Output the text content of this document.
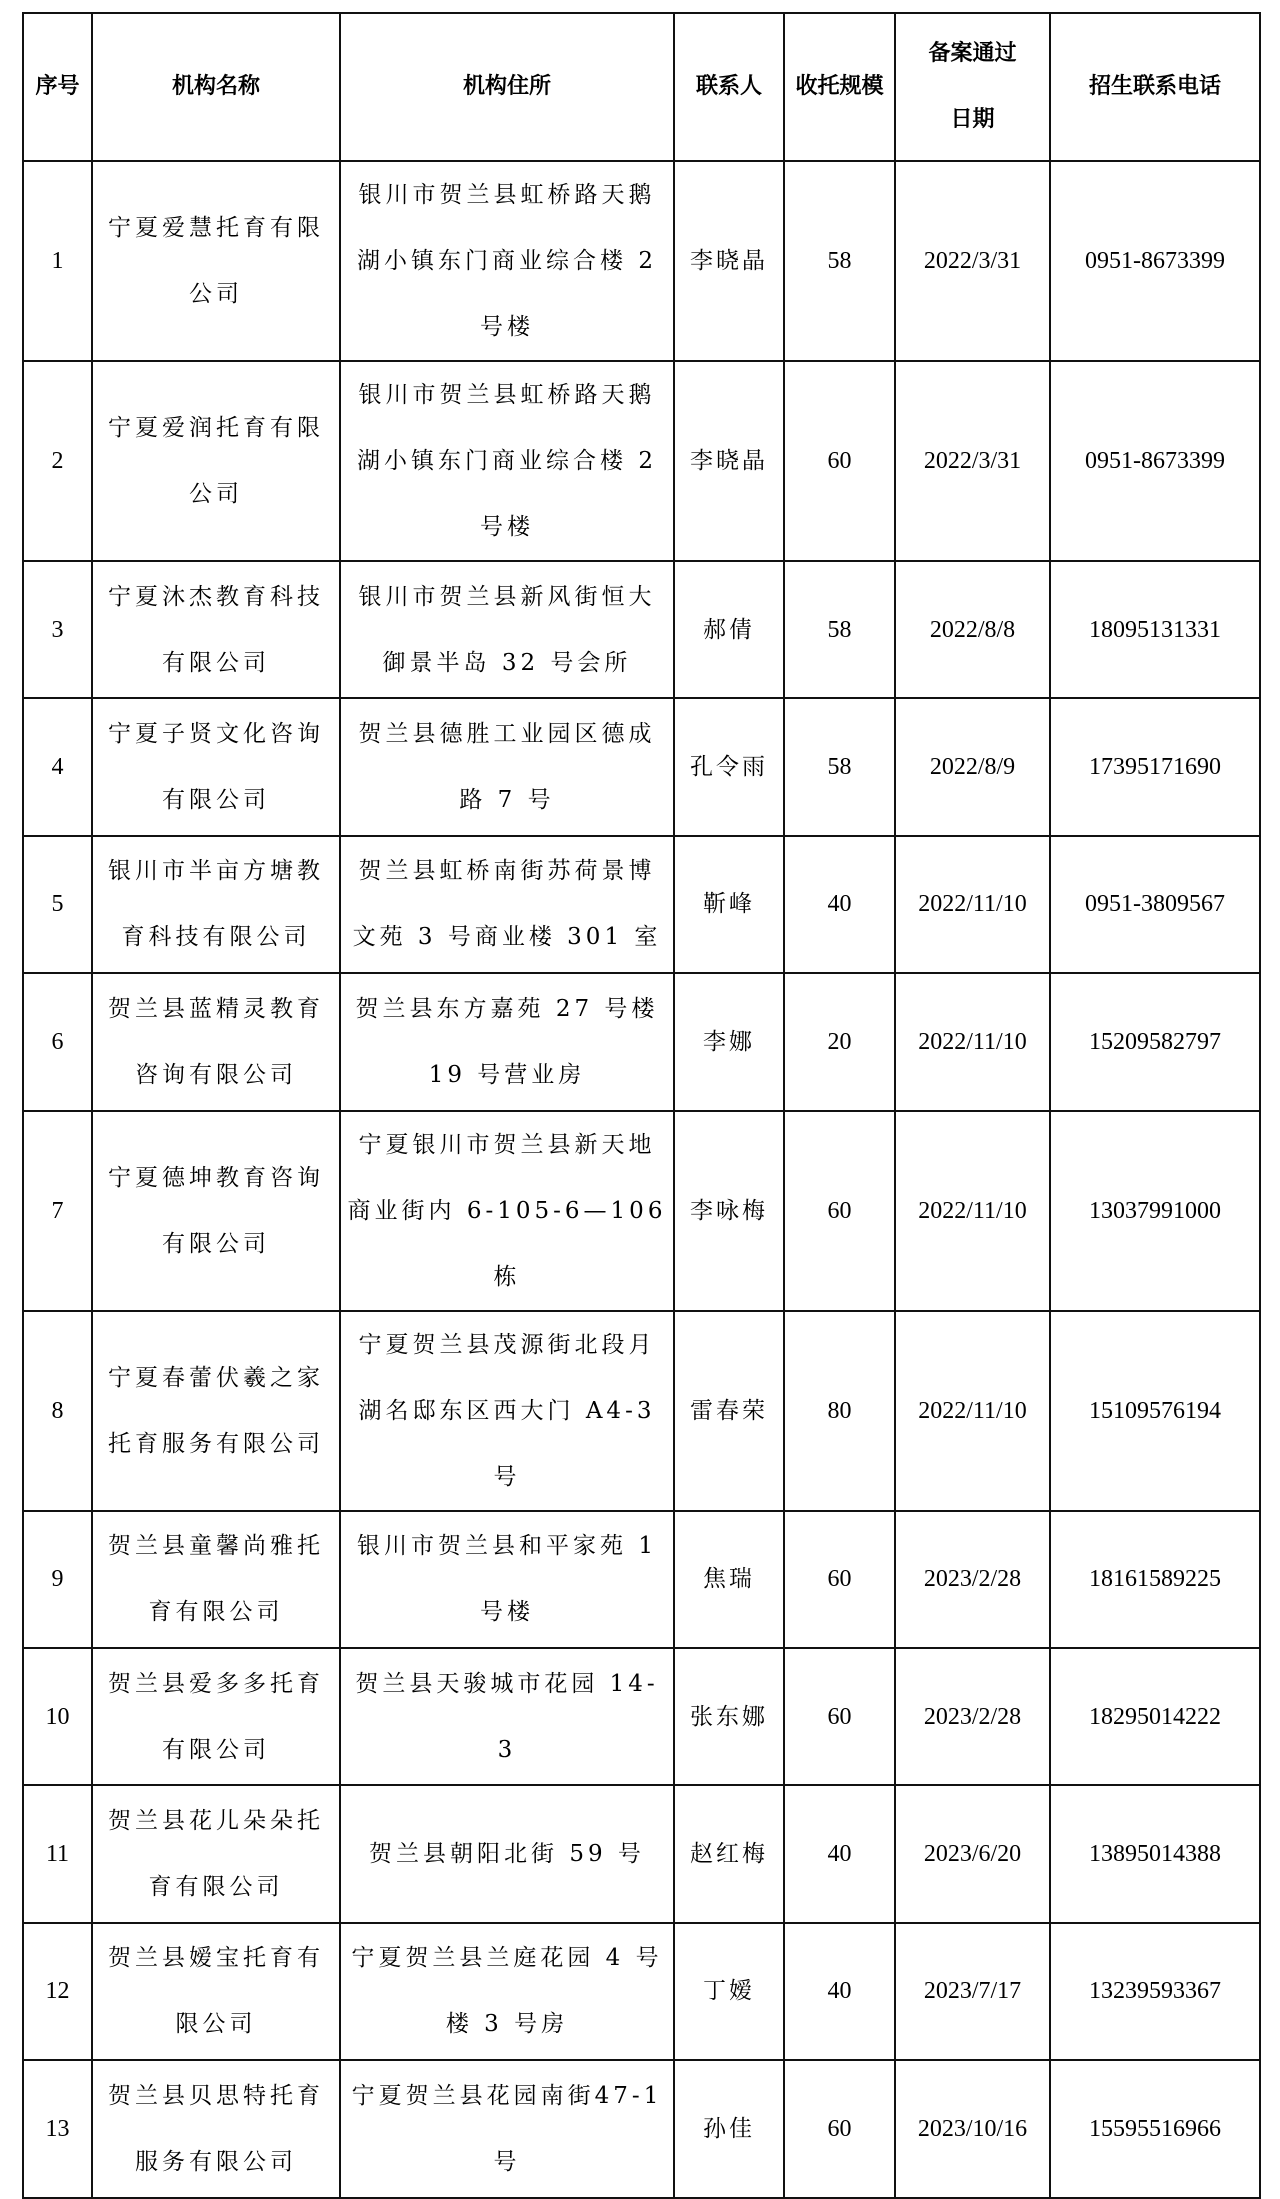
序号	机构名称	机构住所	联系人	收托规模	备案通过日期	招生联系电话
1	宁夏爱慧托育有限公司	银川市贺兰县虹桥路天鹅湖小镇东门商业综合楼 2 号楼	李晓晶	58	2022/3/31	0951-8673399
2	宁夏爱润托育有限公司	银川市贺兰县虹桥路天鹅湖小镇东门商业综合楼 2 号楼	李晓晶	60	2022/3/31	0951-8673399
3	宁夏沐杰教育科技有限公司	银川市贺兰县新风街恒大御景半岛 32 号会所	郝倩	58	2022/8/8	18095131331
4	宁夏子贤文化咨询有限公司	贺兰县德胜工业园区德成路 7 号	孔令雨	58	2022/8/9	17395171690
5	银川市半亩方塘教育科技有限公司	贺兰县虹桥南街苏荷景博文苑 3 号商业楼 301 室	靳峰	40	2022/11/10	0951-3809567
6	贺兰县蓝精灵教育咨询有限公司	贺兰县东方嘉苑 27 号楼 19 号营业房	李娜	20	2022/11/10	15209582797
7	宁夏德坤教育咨询有限公司	宁夏银川市贺兰县新天地商业街内 6-105-6—106 栋	李咏梅	60	2022/11/10	13037991000
8	宁夏春蕾伏羲之家托育服务有限公司	宁夏贺兰县茂源街北段月湖名邸东区西大门 A4-3 号	雷春荣	80	2022/11/10	15109576194
9	贺兰县童馨尚雅托育有限公司	银川市贺兰县和平家苑 1 号楼	焦瑞	60	2023/2/28	18161589225
10	贺兰县爱多多托育有限公司	贺兰县天骏城市花园 14-3	张东娜	60	2023/2/28	18295014222
11	贺兰县花儿朵朵托育有限公司	贺兰县朝阳北街 59 号	赵红梅	40	2023/6/20	13895014388
12	贺兰县嫒宝托育有限公司	宁夏贺兰县兰庭花园 4 号楼 3 号房	丁嫒	40	2023/7/17	13239593367
13	贺兰县贝思特托育服务有限公司	宁夏贺兰县花园南街47-1号	孙佳	60	2023/10/16	15595516966
